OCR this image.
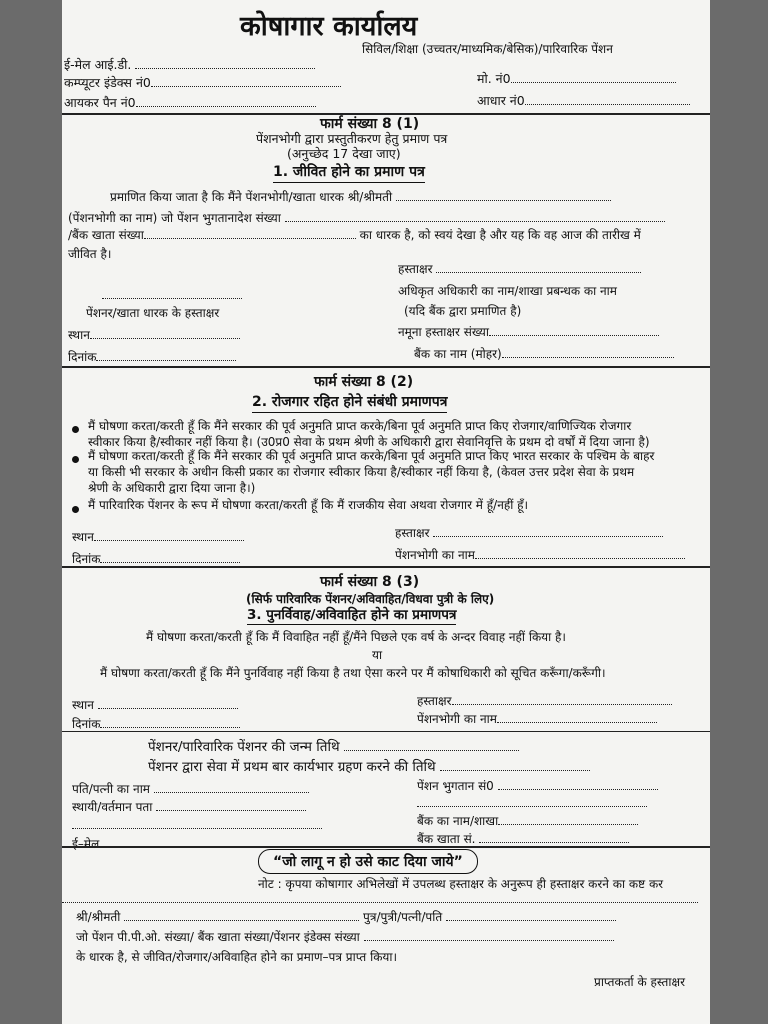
कोषागार कार्यालय
सिविल/शिक्षा (उच्चतर/माध्यमिक/बेसिक)/पारिवारिक पेंशन
ई-मेल आई.डी.
कम्प्यूटर इंडेक्स नं0	मो. नं0
आयकर पैन नं0	आधार नं0
फार्म संख्या 8 (1)
पेंशनभोगी द्वारा प्रस्तुतीकरण हेतु प्रमाण पत्र
(अनुच्छेद 17 देखा जाए)
1. जीवित होने का प्रमाण पत्र
प्रमाणित किया जाता है कि मैंने पेंशनभोगी/खाता धारक श्री/श्रीमती
(पेंशनभोगी का नाम) जो पेंशन भुगतानादेश संख्या
/बैंक खाता संख्या	का धारक है, को स्वयं देखा है और यह कि वह आज की तारीख में
जीवित है।
हस्ताक्षर
अधिकृत अधिकारी का नाम/शाखा प्रबन्धक का नाम
(यदि बैंक द्वारा प्रमाणित है)
पेंशनर/खाता धारक के हस्ताक्षर
स्थान	नमूना हस्ताक्षर संख्या
दिनांक	बैंक का नाम (मोहर)
फार्म संख्या 8 (2)
2. रोजगार रहित होने संबंधी प्रमाणपत्र
मैं घोषणा करता/करती हूँ कि मैंने सरकार की पूर्व अनुमति प्राप्त करके/बिना पूर्व अनुमति प्राप्त किए रोजगार/वाणिज्यिक रोजगार
स्वीकार किया है/स्वीकार नहीं किया है। (उ0प्र0 सेवा के प्रथम श्रेणी के अधिकारी द्वारा सेवानिवृत्ति के प्रथम दो वर्षों में दिया जाना है)
मैं घोषणा करता/करती हूँ कि मैंने सरकार की पूर्व अनुमति प्राप्त करके/बिना पूर्व अनुमति प्राप्त किए भारत सरकार के पश्चिम के बाहर
या किसी भी सरकार के अधीन किसी प्रकार का रोजगार स्वीकार किया है/स्वीकार नहीं किया है, (केवल उत्तर प्रदेश सेवा के प्रथम
श्रेणी के अधिकारी द्वारा दिया जाना है।)
मैं पारिवारिक पेंशनर के रूप में घोषणा करता/करती हूँ कि मैं राजकीय सेवा अथवा रोजगार में हूँ/नहीं हूँ।
स्थान	हस्ताक्षर
दिनांक	पेंशनभोगी का नाम
फार्म संख्या 8 (3)
(सिर्फ पारिवारिक पेंशनर/अविवाहित/विधवा पुत्री के लिए)
3. पुनर्विवाह/अविवाहित होने का प्रमाणपत्र
मैं घोषणा करता/करती हूँ कि मैं विवाहित नहीं हूँ/मैंने पिछले एक वर्ष के अन्दर विवाह नहीं किया है।
या
मैं घोषणा करता/करती हूँ कि मैंने पुनर्विवाह नहीं किया है तथा ऐसा करने पर मैं कोषाधिकारी को सूचित करूँगा/करूँगी।
स्थान	हस्ताक्षर
दिनांक	पेंशनभोगी का नाम
पेंशनर/पारिवारिक पेंशनर की जन्म तिथि
पेंशनर द्वारा सेवा में प्रथम बार कार्यभार ग्रहण करने की तिथि
पति/पत्नी का नाम	पेंशन भुगतान सं0
स्थायी/वर्तमान पता
बैंक का नाम/शाखा
ई–मेल	बैंक खाता सं.
“जो लागू न हो उसे काट दिया जाये”
नोट : कृपया कोषागार अभिलेखों में उपलब्ध हस्ताक्षर के अनुरूप ही हस्ताक्षर करने का कष्ट कर
श्री/श्रीमती	पुत्र/पुत्री/पत्नी/पति
जो पेंशन पी.पी.ओ. संख्या/ बैंक खाता संख्या/पेंशनर इंडेक्स संख्या
के धारक है, से जीवित/रोजगार/अविवाहित होने का प्रमाण–पत्र प्राप्त किया।
प्राप्तकर्ता के हस्ताक्षर
